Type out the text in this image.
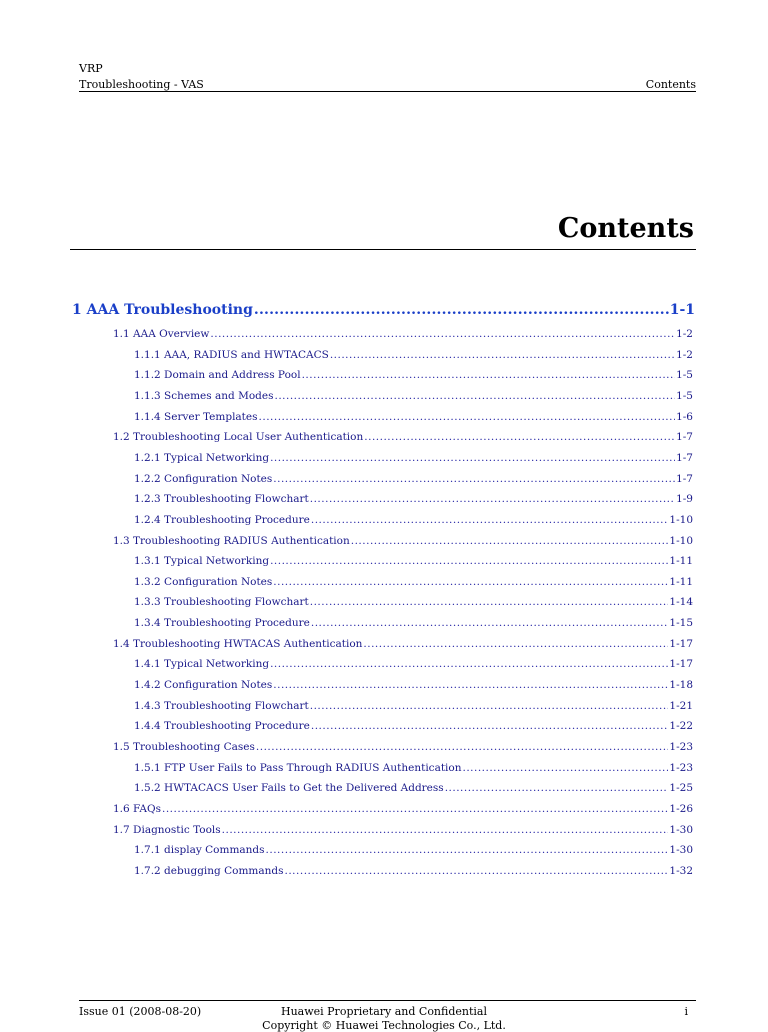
VRP
Troubleshooting - VAS	Contents
Contents
1 AAA Troubleshooting .....	1-1
1.1 AAA Overview .....	1-2
1.1.1 AAA, RADIUS and HWTACACS .....	1-2
1.1.2 Domain and Address Pool .....	1-5
1.1.3 Schemes and Modes .....	1-5
1.1.4 Server Templates .....	1-6
1.2 Troubleshooting Local User Authentication .....	1-7
1.2.1 Typical Networking .....	1-7
1.2.2 Configuration Notes .....	1-7
1.2.3 Troubleshooting Flowchart .....	1-9
1.2.4 Troubleshooting Procedure .....	1-10
1.3 Troubleshooting RADIUS Authentication .....	1-10
1.3.1 Typical Networking .....	1-11
1.3.2 Configuration Notes .....	1-11
1.3.3 Troubleshooting Flowchart .....	1-14
1.3.4 Troubleshooting Procedure .....	1-15
1.4 Troubleshooting HWTACAS Authentication .....	1-17
1.4.1 Typical Networking .....	1-17
1.4.2 Configuration Notes .....	1-18
1.4.3 Troubleshooting Flowchart .....	1-21
1.4.4 Troubleshooting Procedure .....	1-22
1.5 Troubleshooting Cases .....	1-23
1.5.1 FTP User Fails to Pass Through RADIUS Authentication .....	1-23
1.5.2 HWTACACS User Fails to Get the Delivered Address .....	1-25
1.6 FAQs .....	1-26
1.7 Diagnostic Tools .....	1-30
1.7.1 display Commands .....	1-30
1.7.2 debugging Commands .....	1-32
Issue 01 (2008-08-20)	Huawei Proprietary and Confidential	i
Copyright © Huawei Technologies Co., Ltd.
